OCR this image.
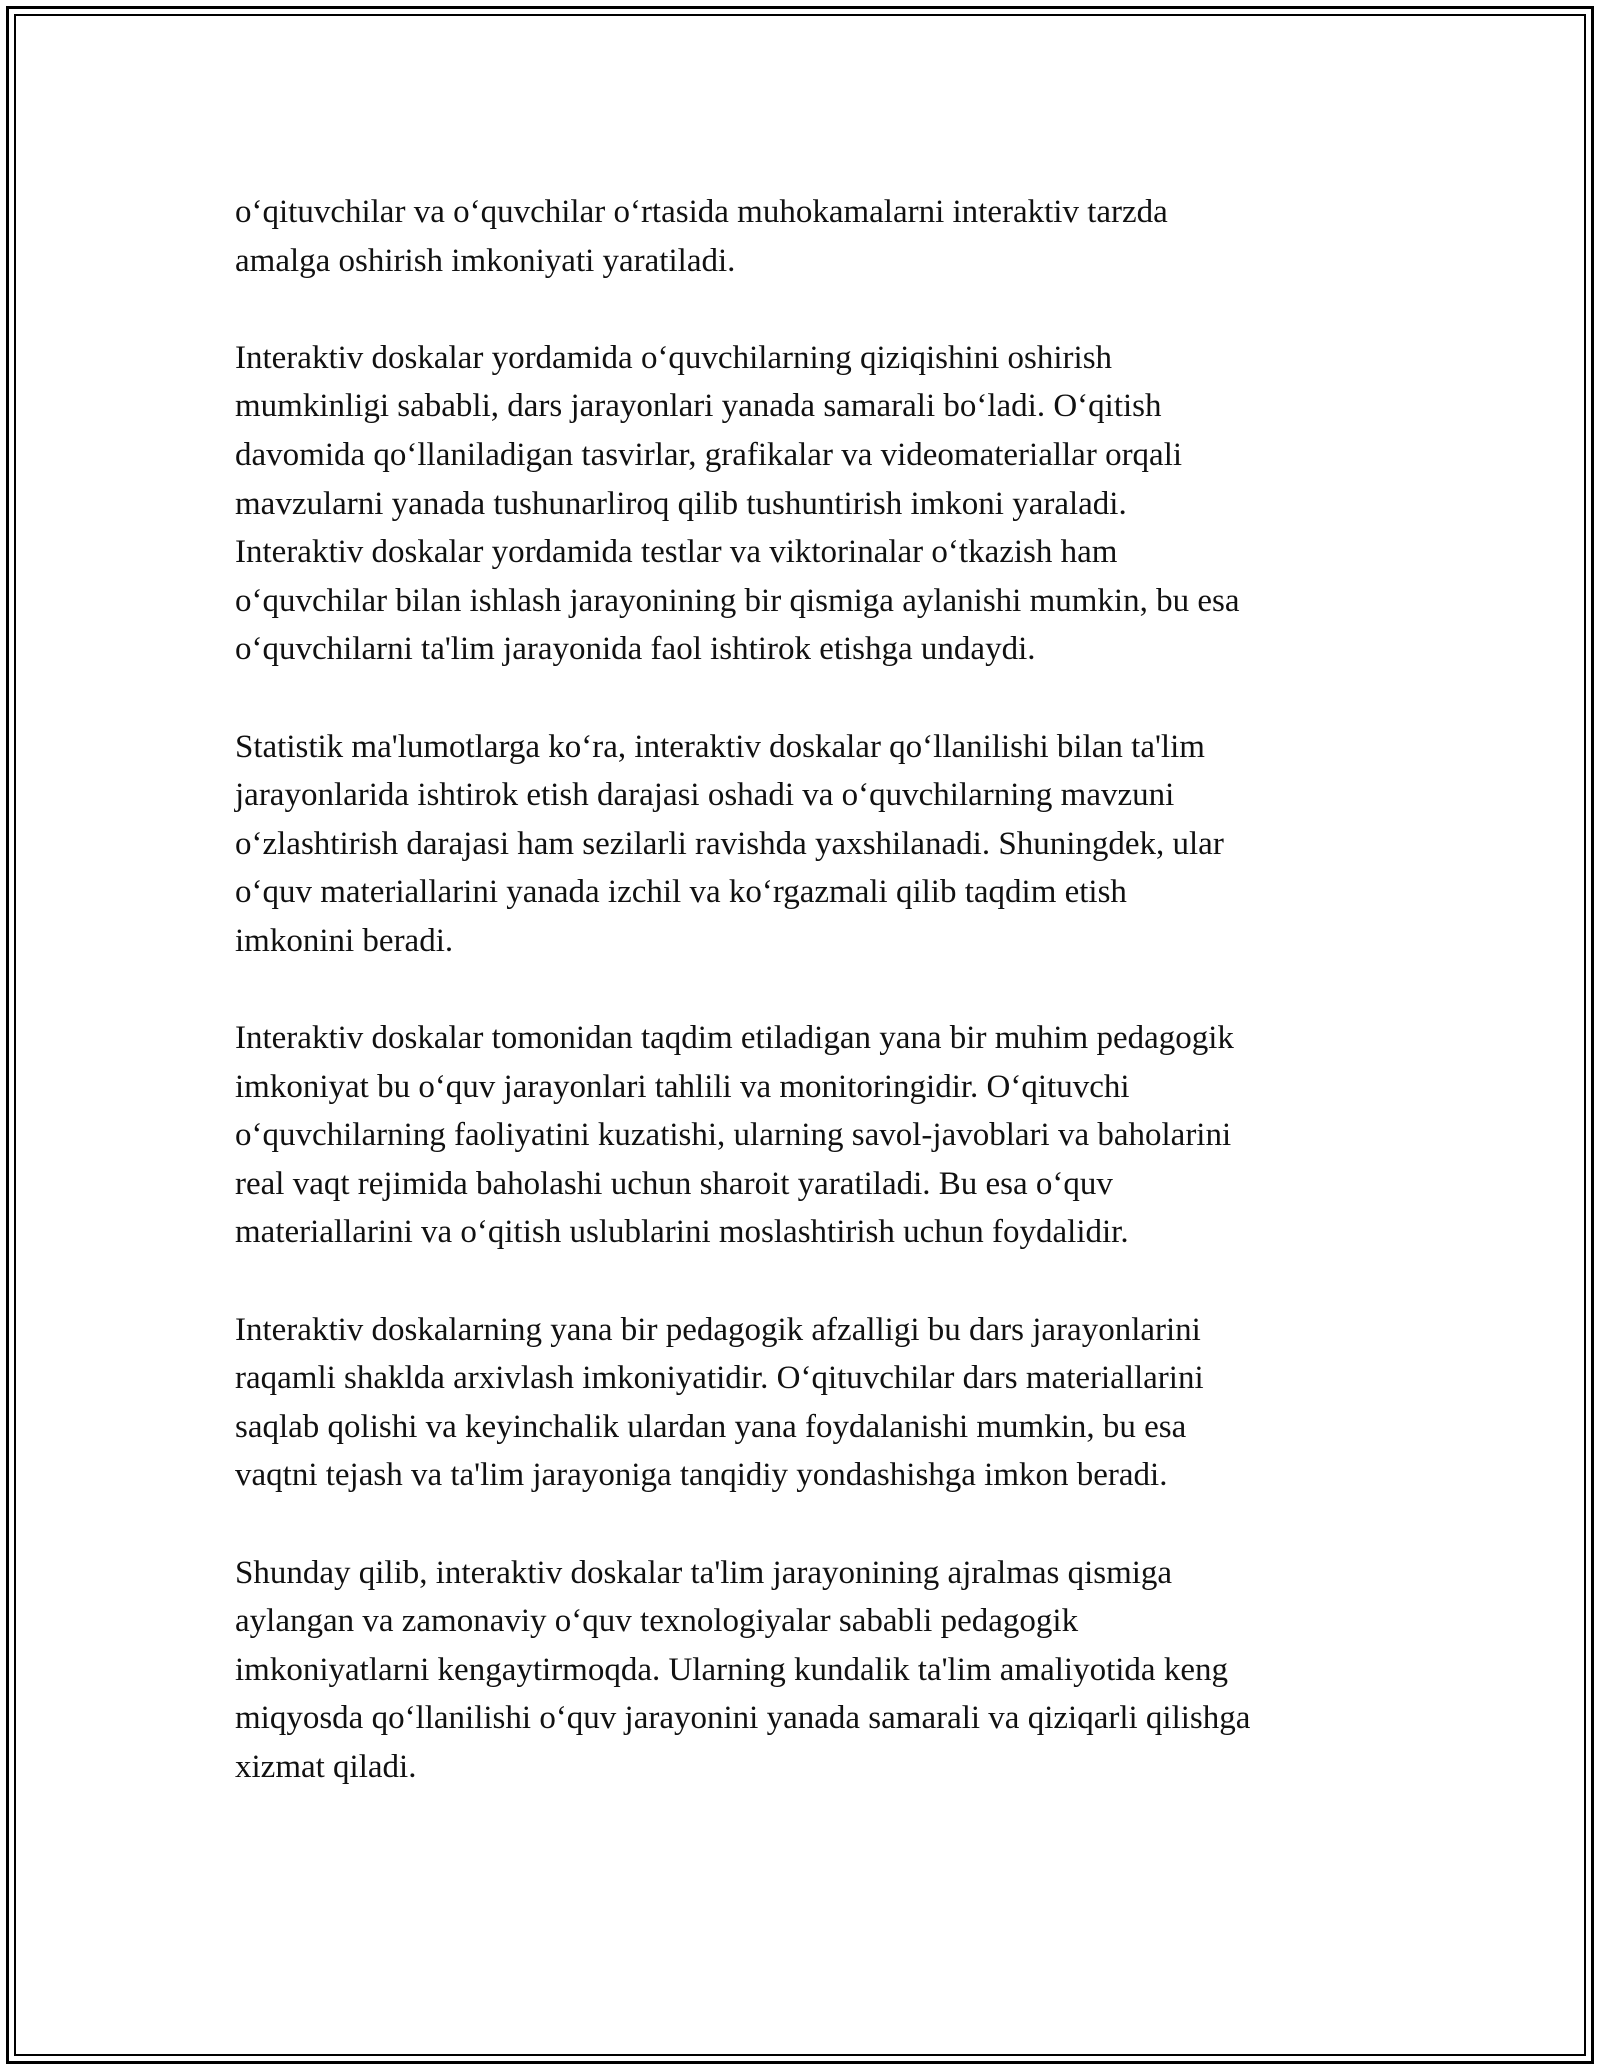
oʻqituvchilar va oʻquvchilar oʻrtasida muhokamalarni interaktiv tarzda
amalga oshirish imkoniyati yaratiladi.

Interaktiv doskalar yordamida oʻquvchilarning qiziqishini oshirish
mumkinligi sababli, dars jarayonlari yanada samarali boʻladi. Oʻqitish
davomida qoʻllaniladigan tasvirlar, grafikalar va videomateriallar orqali
mavzularni yanada tushunarliroq qilib tushuntirish imkoni yaraladi.
Interaktiv doskalar yordamida testlar va viktorinalar oʻtkazish ham
oʻquvchilar bilan ishlash jarayonining bir qismiga aylanishi mumkin, bu esa
oʻquvchilarni ta'lim jarayonida faol ishtirok etishga undaydi.

Statistik ma'lumotlarga koʻra, interaktiv doskalar qoʻllanilishi bilan ta'lim
jarayonlarida ishtirok etish darajasi oshadi va oʻquvchilarning mavzuni
oʻzlashtirish darajasi ham sezilarli ravishda yaxshilanadi. Shuningdek, ular
oʻquv materiallarini yanada izchil va koʻrgazmali qilib taqdim etish
imkonini beradi.

Interaktiv doskalar tomonidan taqdim etiladigan yana bir muhim pedagogik
imkoniyat bu oʻquv jarayonlari tahlili va monitoringidir. Oʻqituvchi
oʻquvchilarning faoliyatini kuzatishi, ularning savol-javoblari va baholarini
real vaqt rejimida baholashi uchun sharoit yaratiladi. Bu esa oʻquv
materiallarini va oʻqitish uslublarini moslashtirish uchun foydalidir.

Interaktiv doskalarning yana bir pedagogik afzalligi bu dars jarayonlarini
raqamli shaklda arxivlash imkoniyatidir. Oʻqituvchilar dars materiallarini
saqlab qolishi va keyinchalik ulardan yana foydalanishi mumkin, bu esa
vaqtni tejash va ta'lim jarayoniga tanqidiy yondashishga imkon beradi.

Shunday qilib, interaktiv doskalar ta'lim jarayonining ajralmas qismiga
aylangan va zamonaviy oʻquv texnologiyalar sababli pedagogik
imkoniyatlarni kengaytirmoqda. Ularning kundalik ta'lim amaliyotida keng
miqyosda qoʻllanilishi oʻquv jarayonini yanada samarali va qiziqarli qilishga
xizmat qiladi.
